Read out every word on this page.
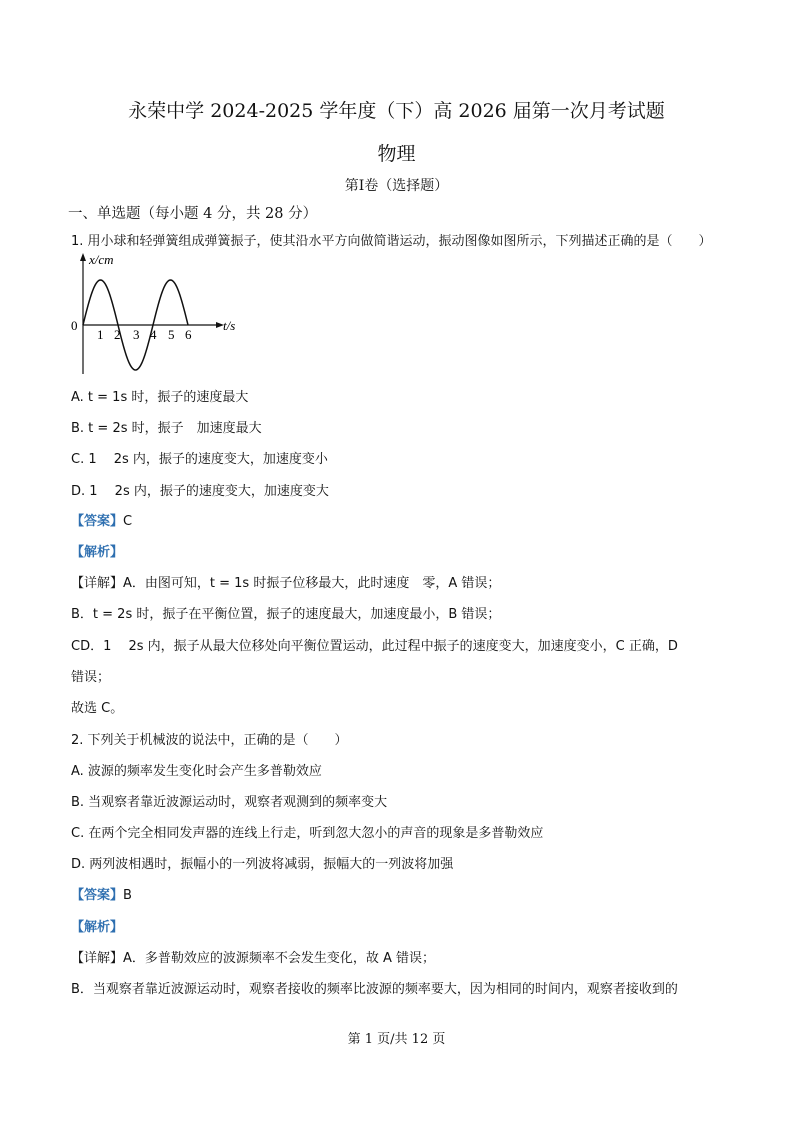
永荣中学 2024-2025 学年度（下）高 2026 届第一次月考试题
物理
第Ⅰ卷（选择题）
一、单选题（每小题 4 分，共 28 分）
1. 用小球和轻弹簧组成弹簧振子，使其沿水平方向做简谐运动，振动图像如图所示，下列描述正确的是（　　）
x/cm
t/s
0
1 2 3 4 5 6
A. t = 1s 时，振子的速度最大
B. t = 2s 时，振子　加速度最大
C. 1　 2s 内，振子的速度变大，加速度变小
D. 1　 2s 内，振子的速度变大，加速度变大
【答案】C
【解析】
【详解】A．由图可知，t = 1s 时振子位移最大，此时速度　零，A 错误；
B．t = 2s 时，振子在平衡位置，振子的速度最大，加速度最小，B 错误；
CD．1　 2s 内，振子从最大位移处向平衡位置运动，此过程中振子的速度变大，加速度变小，C 正确，D
错误；
故选 C。
2. 下列关于机械波的说法中，正确的是（　　）
A. 波源的频率发生变化时会产生多普勒效应
B. 当观察者靠近波源运动时，观察者观测到的频率变大
C. 在两个完全相同发声器的连线上行走，听到忽大忽小的声音的现象是多普勒效应
D. 两列波相遇时，振幅小的一列波将减弱，振幅大的一列波将加强
【答案】B
【解析】
【详解】A．多普勒效应的波源频率不会发生变化，故 A 错误；
B．当观察者靠近波源运动时，观察者接收的频率比波源的频率要大，因为相同的时间内，观察者接收到的
第 1 页/共 12 页
